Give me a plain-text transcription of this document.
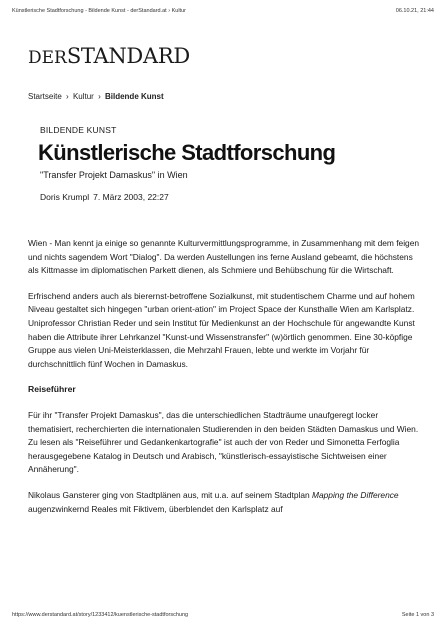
Künstlerische Stadtforschung - Bildende Kunst - derStandard.at › Kultur	06.10.21, 21:44
DERSTANDARD
Startseite › Kultur › Bildende Kunst
BILDENDE KUNST
Künstlerische Stadtforschung
"Transfer Projekt Damaskus" in Wien
Doris Krumpl 7. März 2003, 22:27

Wien - Man kennt ja einige so genannte Kulturvermittlungsprogramme, in Zusammenhang mit dem feigen und nichts sagendem Wort "Dialog". Da werden Austellungen ins ferne Ausland gebeamt, die höchstens als Kittmasse im diplomatischen Parkett dienen, als Schmiere und Behübschung für die Wirtschaft.

Erfrischend anders auch als bierernst-betroffene Sozialkunst, mit studentischem Charme und auf hohem Niveau gestaltet sich hingegen "urban orient-ation" im Project Space der Kunsthalle Wien am Karlsplatz. Uniprofessor Christian Reder und sein Institut für Medienkunst an der Hochschule für angewandte Kunst haben die Attribute ihrer Lehrkanzel "Kunst-und Wissenstransfer" (w)örtlich genommen. Eine 30-köpfige Gruppe aus vielen Uni-Meisterklassen, die Mehrzahl Frauen, lebte und werkte im Vorjahr für durchschnittlich fünf Wochen in Damaskus.

Reiseführer

Für ihr "Transfer Projekt Damaskus", das die unterschiedlichen Stadträume unaufgeregt locker thematisiert, recherchierten die internationalen Studierenden in den beiden Städten Damaskus und Wien. Zu lesen als "Reiseführer und Gedankenkartografie" ist auch der von Reder und Simonetta Ferfoglia herausgegebene Katalog in Deutsch und Arabisch, "künstlerisch-essayistische Sichtweisen einer Annäherung".

Nikolaus Gansterer ging von Stadtplänen aus, mit u.a. auf seinem Stadtplan Mapping the Difference augenzwinkernd Reales mit Fiktivem, überblendet den Karlsplatz auf

https://www.derstandard.at/story/1233412/kuenstlerische-stadtforschung	Seite 1 von 3
